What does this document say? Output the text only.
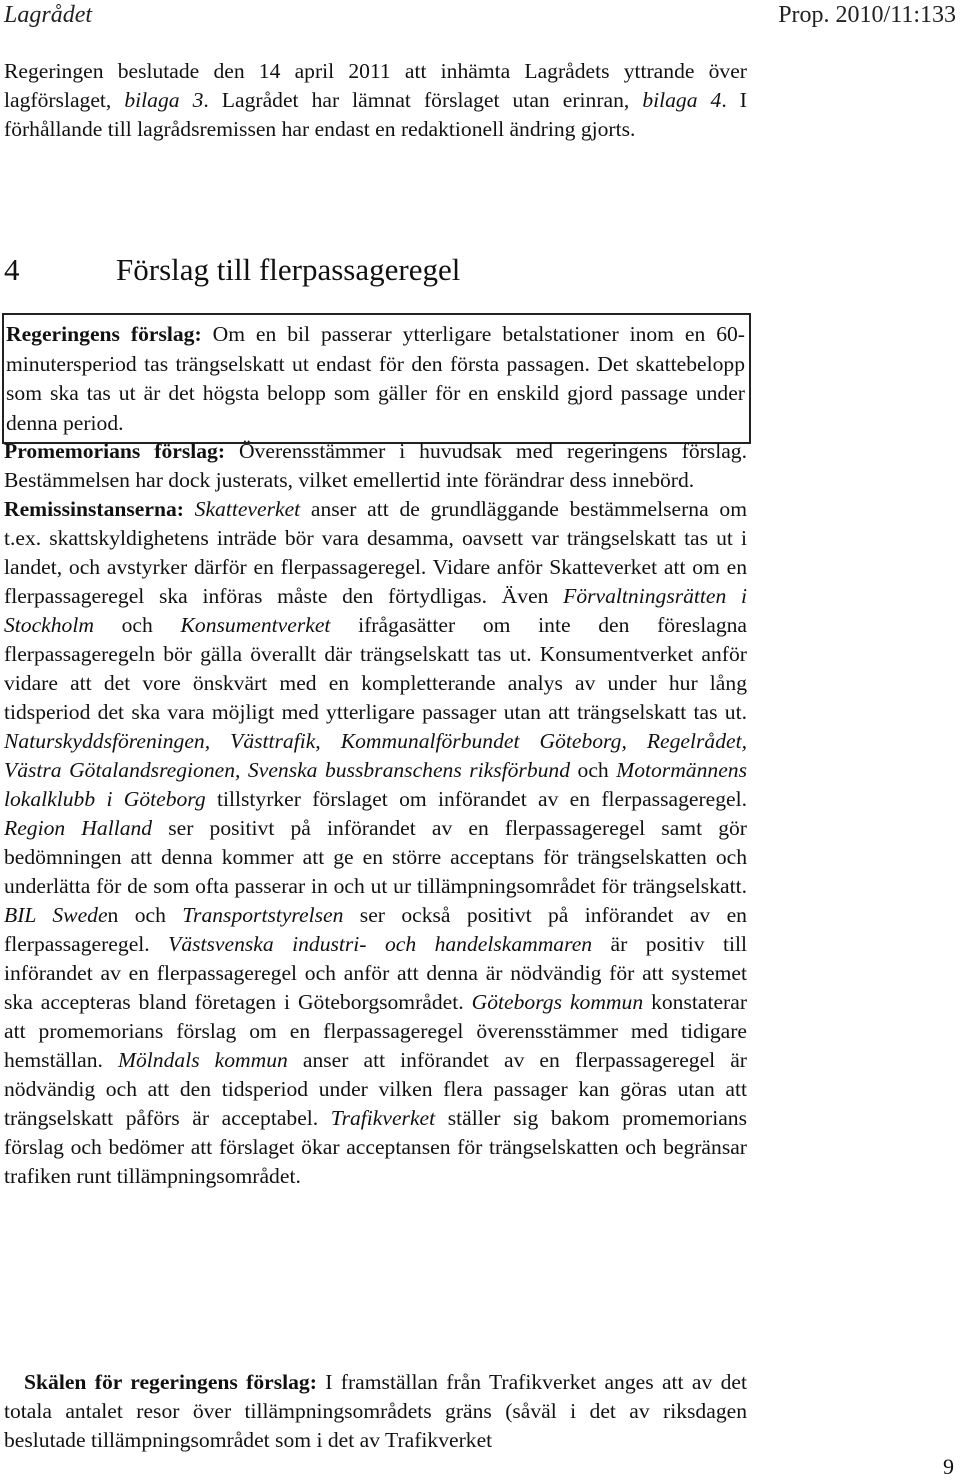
Lagrådet	Prop. 2010/11:133

Regeringen beslutade den 14 april 2011 att inhämta Lagrådets yttrande över lagförslaget, bilaga 3. Lagrådet har lämnat förslaget utan erinran, bilaga 4. I förhållande till lagrådsremissen har endast en redaktionell ändring gjorts.

4	Förslag till flerpassageregel
Regeringens förslag: Om en bil passerar ytterligare betalstationer inom en 60-minutersperiod tas trängselskatt ut endast för den första passagen. Det skattebelopp som ska tas ut är det högsta belopp som gäller för en enskild gjord passage under denna period.

Promemorians förslag: Överensstämmer i huvudsak med regeringens förslag. Bestämmelsen har dock justerats, vilket emellertid inte förändrar dess innebörd.

Remissinstanserna: Skatteverket anser att de grundläggande bestämmelserna om t.ex. skattskyldighetens inträde bör vara desamma, oavsett var trängselskatt tas ut i landet, och avstyrker därför en flerpassageregel. Vidare anför Skatteverket att om en flerpassageregel ska införas måste den förtydligas. Även Förvaltningsrätten i Stockholm och Konsumentverket ifrågasätter om inte den föreslagna flerpassageregeln bör gälla överallt där trängselskatt tas ut. Konsumentverket anför vidare att det vore önskvärt med en kompletterande analys av under hur lång tidsperiod det ska vara möjligt med ytterligare passager utan att trängselskatt tas ut. Naturskyddsföreningen, Västtrafik, Kommunalförbundet Göteborg, Regelrådet, Västra Götalandsregionen, Svenska bussbranschens riksförbund och Motormännens lokalklubb i Göteborg tillstyrker förslaget om införandet av en flerpassageregel. Region Halland ser positivt på införandet av en flerpassageregel samt gör bedömningen att denna kommer att ge en större acceptans för trängselskatten och underlätta för de som ofta passerar in och ut ur tillämpningsområdet för trängselskatt. BIL Sweden och Transportstyrelsen ser också positivt på införandet av en flerpassageregel. Västsvenska industri- och handelskammaren är positiv till införandet av en flerpassageregel och anför att denna är nödvändig för att systemet ska accepteras bland företagen i Göteborgsområdet. Göteborgs kommun konstaterar att promemorians förslag om en flerpassageregel överensstämmer med tidigare hemställan. Mölndals kommun anser att införandet av en flerpassageregel är nödvändig och att den tidsperiod under vilken flera passager kan göras utan att trängselskatt påförs är acceptabel. Trafikverket ställer sig bakom promemorians förslag och bedömer att förslaget ökar acceptansen för trängselskatten och begränsar trafiken runt tillämpningsområdet.

Skälen för regeringens förslag: I framställan från Trafikverket anges att av det totala antalet resor över tillämpningsområdets gräns (såväl i det av riksdagen beslutade tillämpningsområdet som i det av Trafikverket

9
